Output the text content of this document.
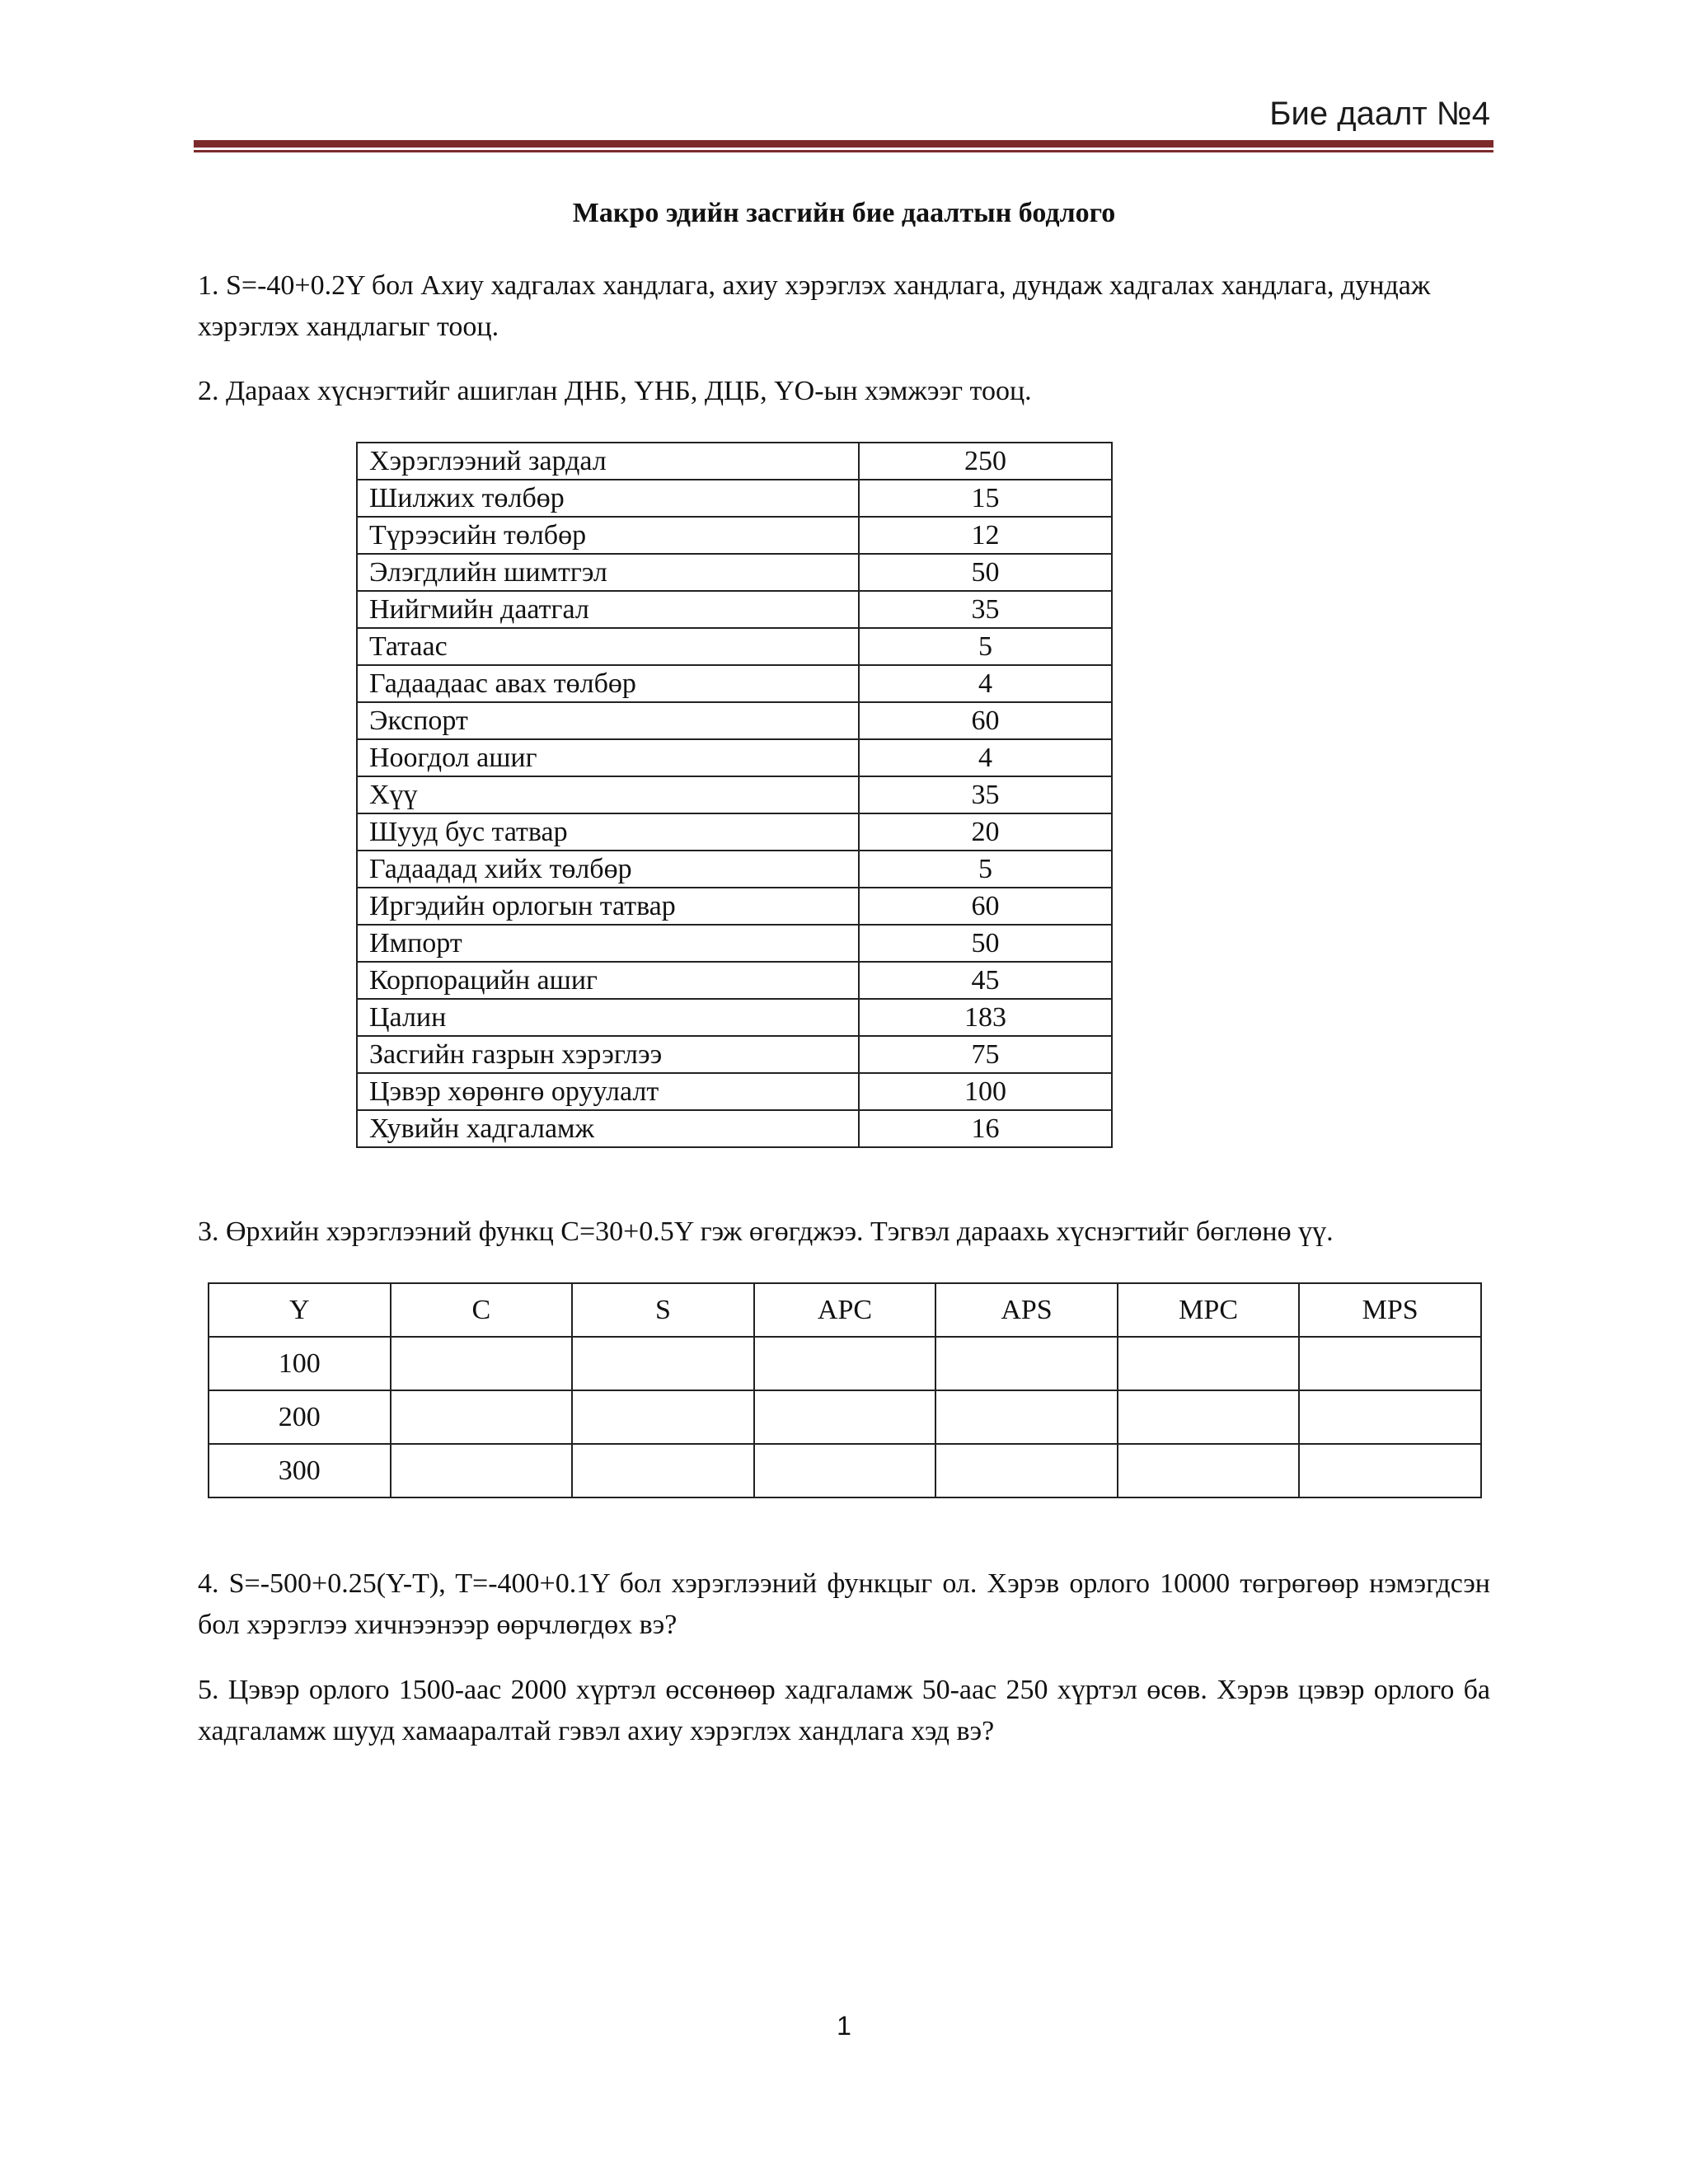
Бие даалт №4
Макро эдийн засгийн бие даалтын бодлого
1. S=-40+0.2Y бол Ахиу хадгалах хандлага, ахиу хэрэглэх хандлага, дундаж хадгалах хандлага, дундаж хэрэглэх хандлагыг тооц.
2. Дараах хүснэгтийг ашиглан ДНБ, ҮНБ, ДЦБ, ҮО-ын хэмжээг тооц.
Хэрэглээний зардал	250
Шилжих төлбөр	15
Түрээсийн төлбөр	12
Элэгдлийн шимтгэл	50
Нийгмийн даатгал	35
Татаас	5
Гадаадаас авах төлбөр	4
Экспорт	60
Ноогдол ашиг	4
Хүү	35
Шууд бус татвар	20
Гадаадад хийх төлбөр	5
Иргэдийн орлогын татвар	60
Импорт	50
Корпорацийн ашиг	45
Цалин	183
Засгийн газрын хэрэглээ	75
Цэвэр хөрөнгө оруулалт	100
Хувийн хадгаламж	16
3. Өрхийн хэрэглээний функц C=30+0.5Y гэж өгөгджээ. Тэгвэл дараахь хүснэгтийг бөглөнө үү.
Y	C	S	APC	APS	MPC	MPS
100						
200						
300						
4. S=-500+0.25(Y-T), T=-400+0.1Y бол хэрэглээний функцыг ол. Хэрэв орлого 10000 төгрөгөөр нэмэгдсэн бол хэрэглээ хичнээнээр өөрчлөгдөх вэ?
5. Цэвэр орлого 1500-аас 2000 хүртэл өссөнөөр хадгаламж 50-аас 250 хүртэл өсөв. Хэрэв цэвэр орлого ба хадгаламж шууд хамааралтай гэвэл ахиу хэрэглэх хандлага хэд вэ?
1
